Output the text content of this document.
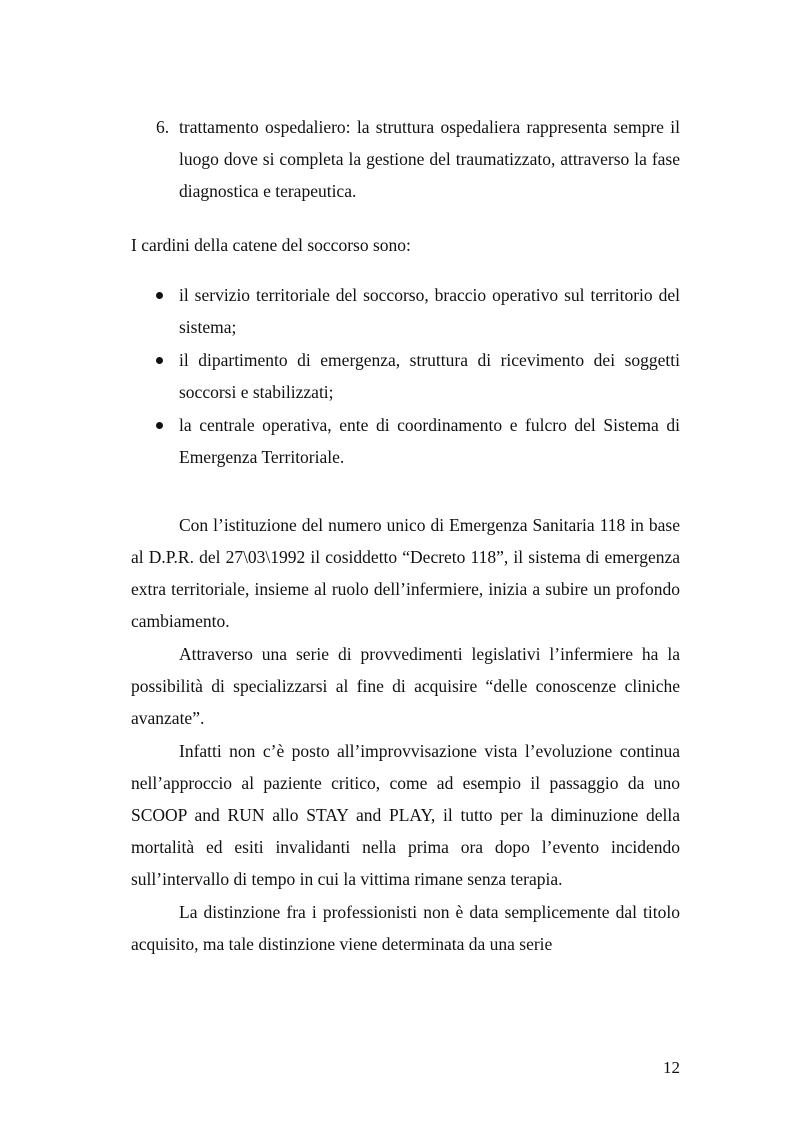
6. trattamento ospedaliero: la struttura ospedaliera rappresenta sempre il luogo dove si completa la gestione del traumatizzato, attraverso la fase diagnostica e terapeutica.

I cardini della catene del soccorso sono:

il servizio territoriale del soccorso, braccio operativo sul territorio del sistema;
il dipartimento di emergenza, struttura di ricevimento dei soggetti soccorsi e stabilizzati;
la centrale operativa, ente di coordinamento e fulcro del Sistema di Emergenza Territoriale.

Con l’istituzione del numero unico di Emergenza Sanitaria 118 in base al D.P.R. del 27\03\1992 il cosiddetto “Decreto 118”, il sistema di emergenza extra territoriale, insieme al ruolo dell’infermiere, inizia a subire un profondo cambiamento.

Attraverso una serie di provvedimenti legislativi l’infermiere ha la possibilità di specializzarsi al fine di acquisire “delle conoscenze cliniche avanzate”.

Infatti non c’è posto all’improvvisazione vista l’evoluzione continua nell’approccio al paziente critico, come ad esempio il passaggio da uno SCOOP and RUN allo STAY and PLAY, il tutto per la diminuzione della mortalità ed esiti invalidanti nella prima ora dopo l’evento incidendo sull’intervallo di tempo in cui la vittima rimane senza terapia.

La distinzione fra i professionisti non è data semplicemente dal titolo acquisito, ma tale distinzione viene determinata da una serie

12
